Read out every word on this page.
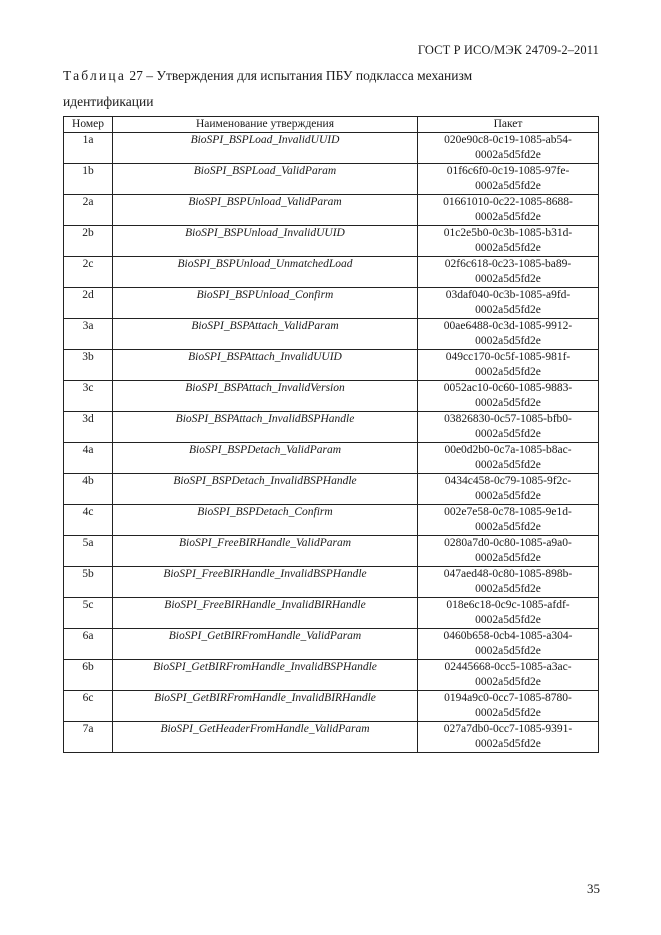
ГОСТ Р ИСО/МЭК 24709-2–2011
Таблица 27 – Утверждения для испытания ПБУ подкласса механизм
идентификации
Номер	Наименование утверждения	Пакет
1a	BioSPI_BSPLoad_InvalidUUID	020e90c8-0c19-1085-ab54-
0002a5d5fd2e

1b	BioSPI_BSPLoad_ValidParam	01f6c6f0-0c19-1085-97fe-
0002a5d5fd2e

2a	BioSPI_BSPUnload_ValidParam	01661010-0c22-1085-8688-
0002a5d5fd2e

2b	BioSPI_BSPUnload_InvalidUUID	01c2e5b0-0c3b-1085-b31d-
0002a5d5fd2e

2c	BioSPI_BSPUnload_UnmatchedLoad	02f6c618-0c23-1085-ba89-
0002a5d5fd2e

2d	BioSPI_BSPUnload_Confirm	03daf040-0c3b-1085-a9fd-
0002a5d5fd2e

3a	BioSPI_BSPAttach_ValidParam	00ae6488-0c3d-1085-9912-
0002a5d5fd2e

3b	BioSPI_BSPAttach_InvalidUUID	049cc170-0c5f-1085-981f-
0002a5d5fd2e

3c	BioSPI_BSPAttach_InvalidVersion	0052ac10-0c60-1085-9883-
0002a5d5fd2e

3d	BioSPI_BSPAttach_InvalidBSPHandle	03826830-0c57-1085-bfb0-
0002a5d5fd2e

4a	BioSPI_BSPDetach_ValidParam	00e0d2b0-0c7a-1085-b8ac-
0002a5d5fd2e

4b	BioSPI_BSPDetach_InvalidBSPHandle	0434c458-0c79-1085-9f2c-
0002a5d5fd2e

4c	BioSPI_BSPDetach_Confirm	002e7e58-0c78-1085-9e1d-
0002a5d5fd2e

5a	BioSPI_FreeBIRHandle_ValidParam	0280a7d0-0c80-1085-a9a0-
0002a5d5fd2e

5b	BioSPI_FreeBIRHandle_InvalidBSPHandle	047aed48-0c80-1085-898b-
0002a5d5fd2e

5c	BioSPI_FreeBIRHandle_InvalidBIRHandle	018e6c18-0c9c-1085-afdf-
0002a5d5fd2e

6a	BioSPI_GetBIRFromHandle_ValidParam	0460b658-0cb4-1085-a304-
0002a5d5fd2e

6b	BioSPI_GetBIRFromHandle_InvalidBSPHandle	02445668-0cc5-1085-a3ac-
0002a5d5fd2e

6c	BioSPI_GetBIRFromHandle_InvalidBIRHandle	0194a9c0-0cc7-1085-8780-
0002a5d5fd2e

7a	BioSPI_GetHeaderFromHandle_ValidParam	027a7db0-0cc7-1085-9391-
0002a5d5fd2e
35
